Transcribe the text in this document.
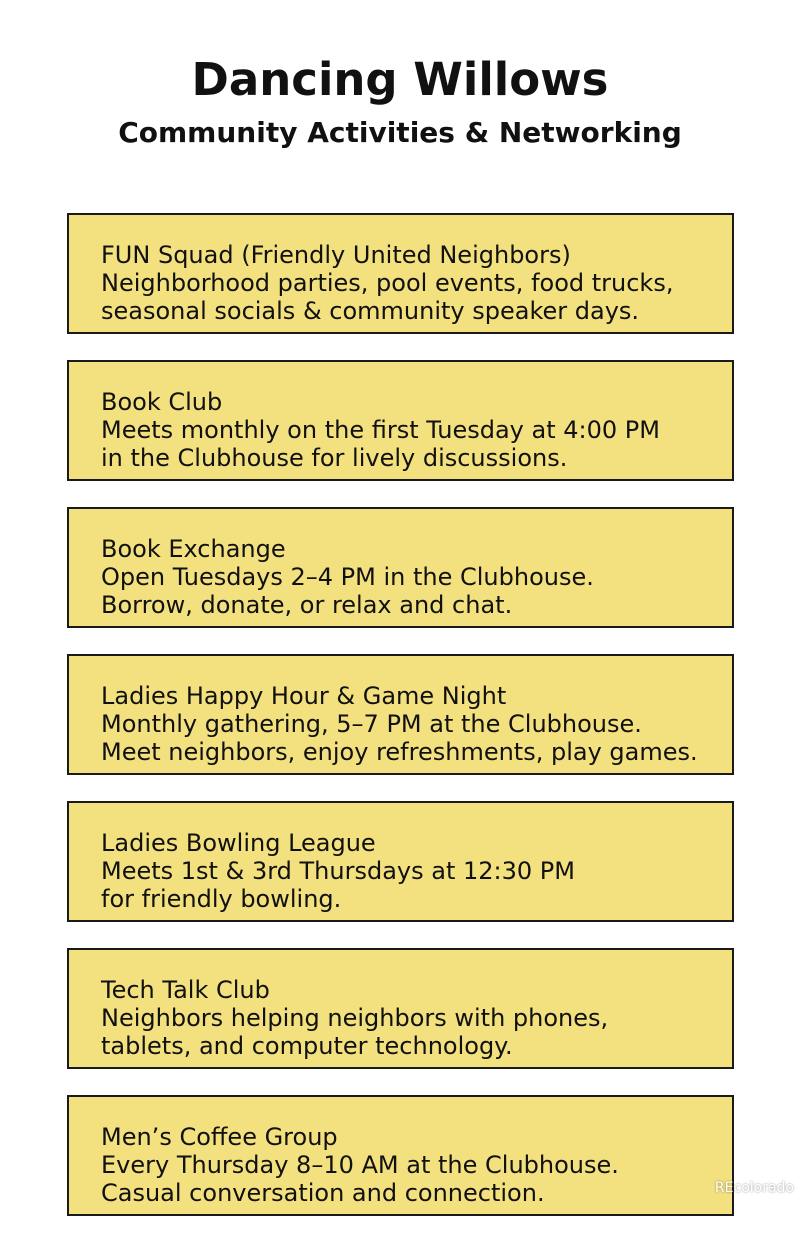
Dancing Willows
Community Activities & Networking
FUN Squad (Friendly United Neighbors)
Neighborhood parties, pool events, food trucks,
seasonal socials & community speaker days.
Book Club
Meets monthly on the first Tuesday at 4:00 PM
in the Clubhouse for lively discussions.
Book Exchange
Open Tuesdays 2–4 PM in the Clubhouse.
Borrow, donate, or relax and chat.
Ladies Happy Hour & Game Night
Monthly gathering, 5–7 PM at the Clubhouse.
Meet neighbors, enjoy refreshments, play games.
Ladies Bowling League
Meets 1st & 3rd Thursdays at 12:30 PM
for friendly bowling.
Tech Talk Club
Neighbors helping neighbors with phones,
tablets, and computer technology.
Men’s Coffee Group
Every Thursday 8–10 AM at the Clubhouse.
Casual conversation and connection.	REcolorado
